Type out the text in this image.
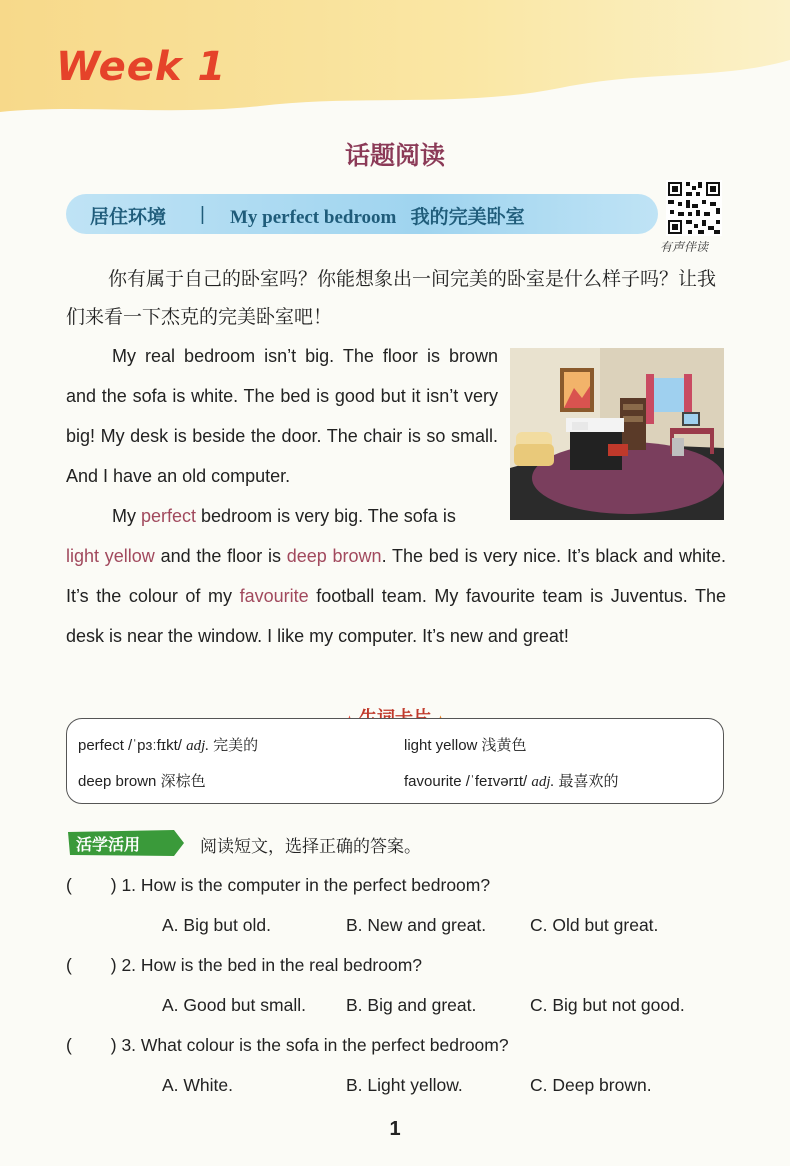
Week 1
话题阅读
居住环境 | My perfect bedroom   我的完美卧室
有声伴读

你有属于自己的卧室吗？你能想象出一间完美的卧室是什么样子吗？让我们来看一下杰克的完美卧室吧！

My real bedroom isn’t big. The floor is brown and the sofa is white. The bed is good but it isn’t very big! My desk is beside the door. The chair is so small. And I have an old computer.

My perfect bedroom is very big. The sofa is

light yellow and the floor is deep brown. The bed is very nice. It’s black and white. It’s the colour of my favourite football team. My favourite team is Juventus. The desk is near the window. I like my computer. It’s new and great!

perfect /ˈpɜːfɪkt/ adj. 完美的	light yellow 浅黄色
deep brown 深棕色	favourite /ˈfeɪvərɪt/ adj. 最喜欢的
活学活用	阅读短文，选择正确的答案。
(        ) 1. How is the computer in the perfect bedroom?
A. Big but old.	B. New and great.	C. Old but great.
(        ) 2. How is the bed in the real bedroom?
A. Good but small. B. Big and great.	C. Big but not good.
(        ) 3. What colour is the sofa in the perfect bedroom?
A. White.	B. Light yellow.	C. Deep brown.
1
